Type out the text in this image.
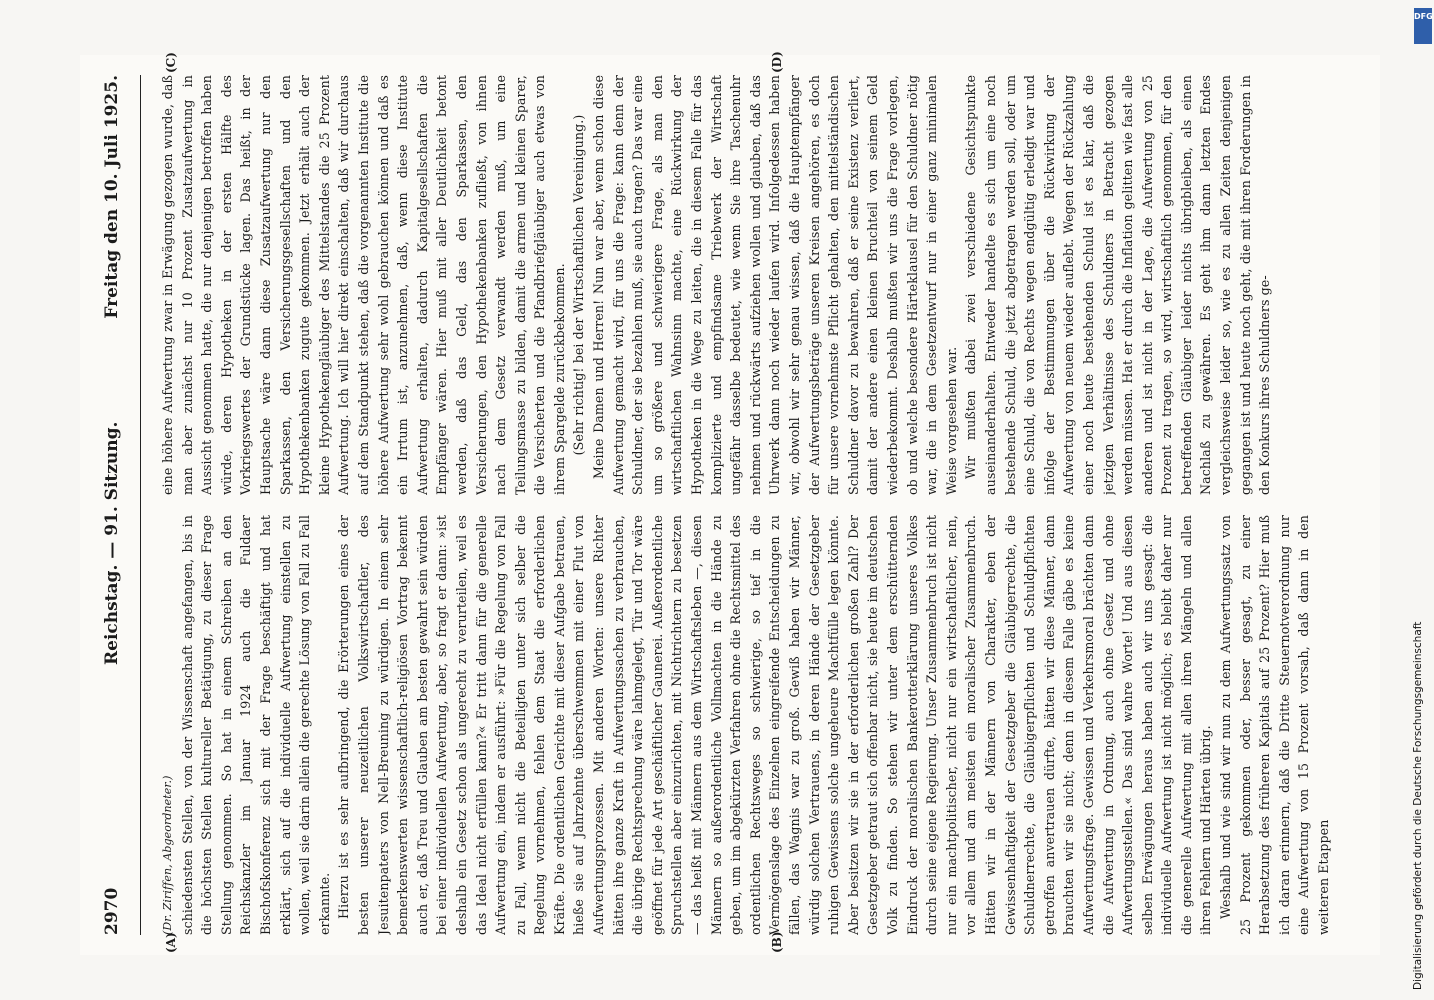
2970
Reichstag. — 91. Sitzung.
Freitag den 10. Juli 1925.
(A)	(B)
(C)	(D)

(Dr. Ziriffen, Abgeordneter.) schiedensten Stellen, von der Wissenschaft angefangen, bis in die höchsten Stellen kultureller Betätigung, zu dieser Frage Stellung genommen. So hat in einem Schreiben an den Reichskanzler im Januar 1924 auch die Fuldaer Bischofskonferenz sich mit der Frage beschäftigt und hat erklärt, sich auf die individuelle Aufwertung einstellen zu wollen, weil sie darin allein die gerechte Lösung von Fall zu Fall erkannte. Hierzu ist es sehr aufbringend, die Erörterungen eines der besten unserer neuzeitlichen Volkswirtschaftler, des Jesuitenpaters von Nell-Breuning zu würdigen. In einem sehr bemerkenswerten wissenschaftlich-religiösen Vortrag bekennt auch er, daß Treu und Glauben am besten gewahrt sein würden bei einer individuellen Aufwertung, aber, so fragt er dann: »ist deshalb ein Gesetz schon als ungerecht zu verurteilen, weil es das Ideal nicht erfüllen kann?« Er tritt dann für die generelle Aufwertung ein, indem er ausführt: »Für die Regelung von Fall zu Fall, wenn nicht die Beteiligten unter sich selber die Regelung vornehmen, fehlen dem Staat die erforderlichen Kräfte. Die ordentlichen Gerichte mit dieser Aufgabe betrauen, hieße sie auf Jahrzehnte überschwemmen mit einer Flut von Aufwertungsprozessen. Mit anderen Worten: unsere Richter hätten ihre ganze Kraft in Aufwertungssachen zu verbrauchen, die übrige Rechtsprechung wäre lahmgelegt, Tür und Tor wäre geöffnet für jede Art geschäftlicher Gaunerei. Außerordentliche Spruchstellen aber einzurichten, mit Nichtrichtern zu besetzen — das heißt mit Männern aus dem Wirtschaftsleben —, diesen Männern so außerordentliche Vollmachten in die Hände zu geben, um im abgekürzten Verfahren ohne die Rechtsmittel des ordentlichen Rechtsweges so schwierige, so tief in die Vermögenslage des Einzelnen eingreifende Entscheidungen zu fällen, das Wagnis war zu groß. Gewiß haben wir Männer, würdig solchen Vertrauens, in deren Hände der Gesetzgeber ruhigen Gewissens solche ungeheure Machtfülle legen könnte. Aber besitzen wir sie in der erforderlichen großen Zahl? Der Gesetzgeber getraut sich offenbar nicht, sie heute im deutschen Volk zu finden. So stehen wir unter dem erschütternden Eindruck der moralischen Bankerotterklärung unseres Volkes durch seine eigene Regierung. Unser Zusammenbruch ist nicht nur ein machtpolitischer, nicht nur ein wirtschaftlicher, nein, vor allem und am meisten ein moralischer Zusammenbruch. Hätten wir in der Männern von Charakter, eben der Gewissenhaftigkeit der Gesetzgeber die Gläubigerrechte, die Schuldnerrechte, die Gläubigerpflichten und Schuldpflichten getroffen anvertrauen dürfte, hätten wir diese Männer, dann brauchten wir sie nicht; denn in diesem Falle gäbe es keine Aufwertungsfrage. Gewissen und Verkehrsmoral brächten dann die Aufwertung in Ordnung, auch ohne Gesetz und ohne Aufwertungsstellen.« Das sind wahre Worte! Und aus diesen selben Erwägungen heraus haben auch wir uns gesagt: die individuelle Aufwertung ist nicht möglich; es bleibt daher nur die generelle Aufwertung mit allen ihren Mängeln und allen ihren Fehlern und Härten übrig. Weshalb und wie sind wir nun zu dem Aufwertungssatz von 25 Prozent gekommen oder, besser gesagt, zu einer Herabsetzung des früheren Kapitals auf 25 Prozent? Hier muß ich daran erinnern, daß die Dritte Steuernotverordnung nur eine Aufwertung von 15 Prozent vorsah, daß dann in den weiteren Etappen

eine höhere Aufwertung zwar in Erwägung gezogen wurde, daß man aber zunächst nur 10 Prozent Zusatzaufwertung in Aussicht genommen hatte, die nur denjenigen betroffen haben würde, deren Hypotheken in der ersten Hälfte des Vorkriegswertes der Grundstücke lagen. Das heißt, in der Hauptsache wäre dann diese Zusatzaufwertung nur den Sparkassen, den Versicherungsgesellschaften und den Hypothekenbanken zugute gekommen. Jetzt erhält auch der kleine Hypothekengläubiger des Mittelstandes die 25 Prozent Aufwertung. Ich will hier direkt einschalten, daß wir durchaus auf dem Standpunkt stehen, daß die vorgenannten Institute die höhere Aufwertung sehr wohl gebrauchen können und daß es ein Irrtum ist, anzunehmen, daß, wenn diese Institute Aufwertung erhalten, dadurch Kapitalgesellschaften die Empfänger wären. Hier muß mit aller Deutlichkeit betont werden, daß das Geld, das den Sparkassen, den Versicherungen, den Hypothekenbanken zufließt, von ihnen nach dem Gesetz verwandt werden muß, um eine Teilungsmasse zu bilden, damit die armen und kleinen Sparer, die Versicherten und die Pfandbriefgläubiger auch etwas von ihrem Spargelde zurückbekommen. (Sehr richtig! bei der Wirtschaftlichen Vereinigung.) Meine Damen und Herren! Nun war aber, wenn schon diese Aufwertung gemacht wird, für uns die Frage: kann denn der Schuldner, der sie bezahlen muß, sie auch tragen? Das war eine um so größere und schwierigere Frage, als man den wirtschaftlichen Wahnsinn machte, eine Rückwirkung der Hypotheken in die Wege zu leiten, die in diesem Falle für das komplizierte und empfindsame Triebwerk der Wirtschaft ungefähr dasselbe bedeutet, wie wenn Sie ihre Taschenuhr nehmen und rückwärts aufziehen wollen und glauben, daß das Uhrwerk dann noch wieder laufen wird. Infolgedessen haben wir, obwohl wir sehr genau wissen, daß die Hauptempfänger der Aufwertungsbeträge unseren Kreisen angehören, es doch für unsere vornehmste Pflicht gehalten, den mittelständischen Schuldner davor zu bewahren, daß er seine Existenz verliert, damit der andere einen kleinen Bruchteil von seinem Geld wiederbekommt. Deshalb mußten wir uns die Frage vorlegen, ob und welche besondere Härteklausel für den Schuldner nötig war, die in dem Gesetzentwurf nur in einer ganz minimalen Weise vorgesehen war. Wir mußten dabei zwei verschiedene Gesichtspunkte auseinanderhalten. Entweder handelte es sich um eine noch bestehende Schuld, die jetzt abgetragen werden soll, oder um eine Schuld, die von Rechts wegen endgültig erledigt war und infolge der Bestimmungen über die Rückwirkung der Aufwertung von neuem wieder auflebt. Wegen der Rückzahlung einer noch heute bestehenden Schuld ist es klar, daß die jetzigen Verhältnisse des Schuldners in Betracht gezogen werden müssen. Hat er durch die Inflation gelitten wie fast alle anderen und ist nicht in der Lage, die Aufwertung von 25 Prozent zu tragen, so wird, wirtschaftlich genommen, für den betreffenden Gläubiger leider nichts übrigbleiben, als einen Nachlaß zu gewähren. Es geht ihm dann letzten Endes vergleichsweise leider so, wie es zu allen Zeiten denjenigen gegangen ist und heute noch geht, die mit ihren Forderungen in den Konkurs ihres Schuldners ge-

DFG
Digitalisierung gefördert durch die Deutsche Forschungsgemeinschaft
